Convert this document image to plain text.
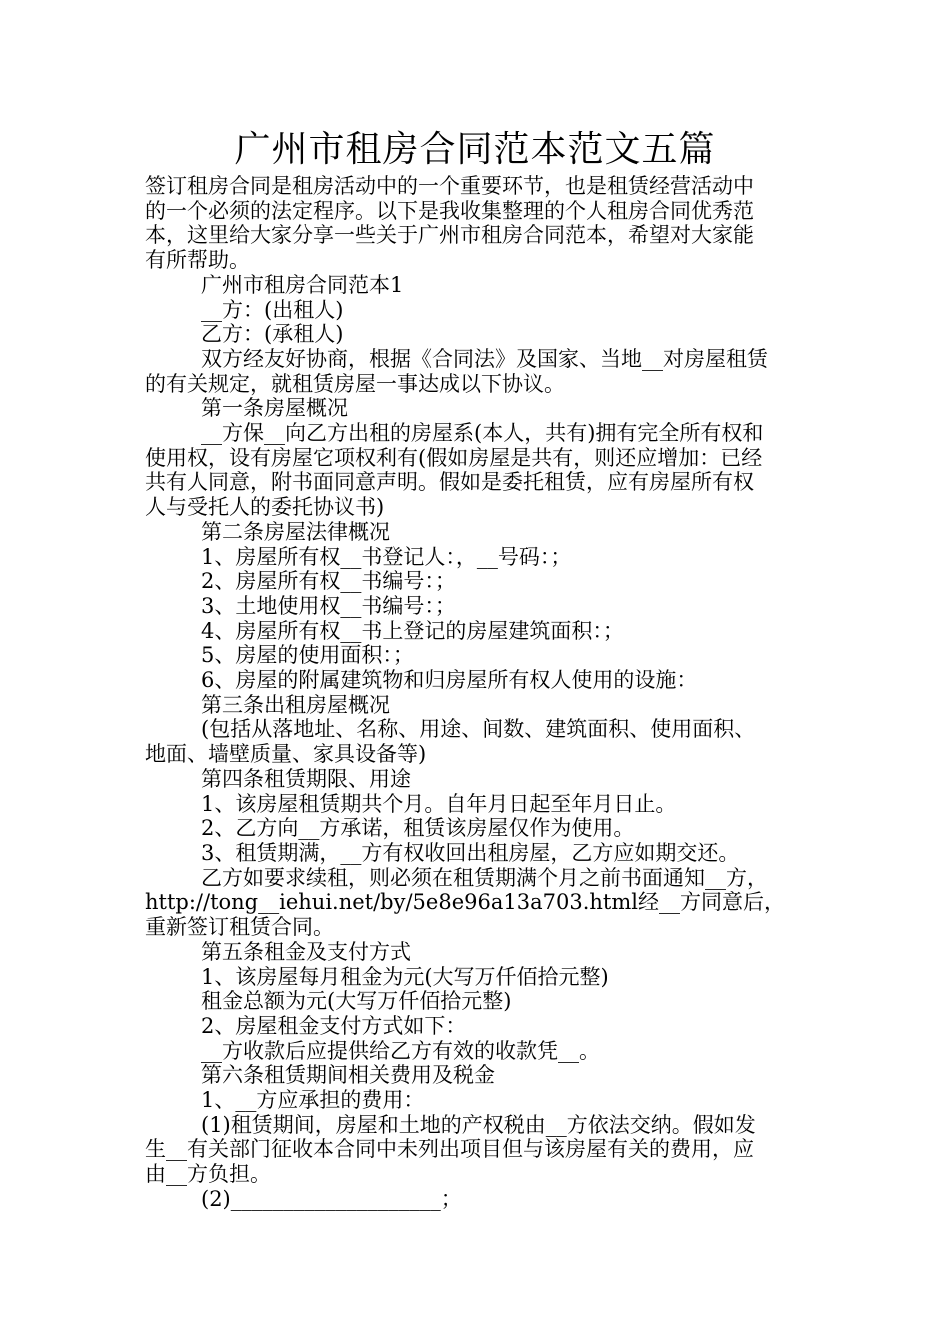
广州市租房合同范本范文五篇
签订租房合同是租房活动中的一个重要环节，也是租赁经营活动中
的一个必须的法定程序。以下是我收集整理的个人租房合同优秀范
本，这里给大家分享一些关于广州市租房合同范本，希望对大家能
有所帮助。
广州市租房合同范本1
__方：(出租人)
乙方：(承租人)
双方经友好协商，根据《合同法》及国家、当地__对房屋租赁
的有关规定，就租赁房屋一事达成以下协议。
第一条房屋概况
__方保__向乙方出租的房屋系(本人，共有)拥有完全所有权和
使用权，设有房屋它项权利有(假如房屋是共有，则还应增加：已经
共有人同意，附书面同意声明。假如是委托租赁，应有房屋所有权
人与受托人的委托协议书)
第二条房屋法律概况
1、房屋所有权__书登记人：，__号码：；
2、房屋所有权__书编号：；
3、土地使用权__书编号：；
4、房屋所有权__书上登记的房屋建筑面积：；
5、房屋的使用面积：；
6、房屋的附属建筑物和归房屋所有权人使用的设施：
第三条出租房屋概况
(包括从落地址、名称、用途、间数、建筑面积、使用面积、
地面、墙壁质量、家具设备等)
第四条租赁期限、用途
1、该房屋租赁期共个月。自年月日起至年月日止。
2、乙方向__方承诺，租赁该房屋仅作为使用。
3、租赁期满，__方有权收回出租房屋，乙方应如期交还。
乙方如要求续租，则必须在租赁期满个月之前书面通知__方，
http://tong__iehui.net/by/5e8e96a13a703.html经__方同意后，
重新签订租赁合同。
第五条租金及支付方式
1、该房屋每月租金为元(大写万仟佰拾元整)
租金总额为元(大写万仟佰拾元整)
2、房屋租金支付方式如下：
__方收款后应提供给乙方有效的收款凭__。
第六条租赁期间相关费用及税金
1、__方应承担的费用：
(1)租赁期间，房屋和土地的产权税由__方依法交纳。假如发
生__有关部门征收本合同中未列出项目但与该房屋有关的费用，应
由__方负担。
(2)____________________；
